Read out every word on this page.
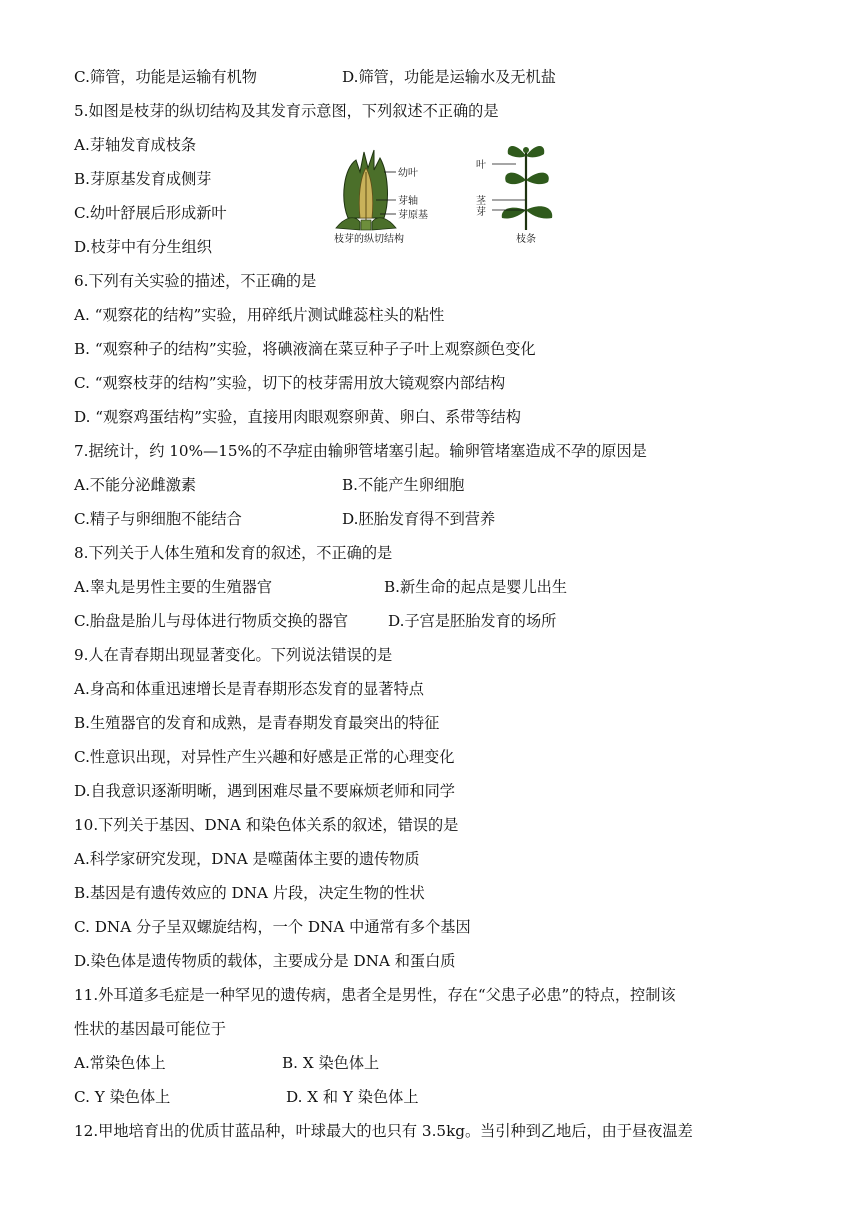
C.筛管，功能是运输有机物	D.筛管，功能是运输水及无机盐
5.如图是枝芽的纵切结构及其发育示意图，下列叙述不正确的是
A.芽轴发育成枝条
B.芽原基发育成侧芽
C.幼叶舒展后形成新叶
D.枝芽中有分生组织
幼叶
芽轴
芽原基
枝芽的纵切结构
叶
茎
芽
枝条
6.下列有关实验的描述，不正确的是
A. “观察花的结构”实验，用碎纸片测试雌蕊柱头的粘性
B. “观察种子的结构”实验，将碘液滴在菜豆种子子叶上观察颜色变化
C. “观察枝芽的结构”实验，切下的枝芽需用放大镜观察内部结构
D. “观察鸡蛋结构”实验，直接用肉眼观察卵黄、卵白、系带等结构
7.据统计，约 10%—15%的不孕症由输卵管堵塞引起。输卵管堵塞造成不孕的原因是
A.不能分泌雌激素	B.不能产生卵细胞
C.精子与卵细胞不能结合	D.胚胎发育得不到营养
8.下列关于人体生殖和发育的叙述，不正确的是
A.睾丸是男性主要的生殖器官	B.新生命的起点是婴儿出生
C.胎盘是胎儿与母体进行物质交换的器官	D.子宫是胚胎发育的场所
9.人在青春期出现显著变化。下列说法错误的是
A.身高和体重迅速增长是青春期形态发育的显著特点
B.生殖器官的发育和成熟，是青春期发育最突出的特征
C.性意识出现，对异性产生兴趣和好感是正常的心理变化
D.自我意识逐渐明晰，遇到困难尽量不要麻烦老师和同学
10.下列关于基因、DNA 和染色体关系的叙述，错误的是
A.科学家研究发现，DNA 是噬菌体主要的遗传物质
B.基因是有遗传效应的 DNA 片段，决定生物的性状
C. DNA 分子呈双螺旋结构，一个 DNA 中通常有多个基因
D.染色体是遗传物质的载体，主要成分是 DNA 和蛋白质
11.外耳道多毛症是一种罕见的遗传病，患者全是男性，存在“父患子必患”的特点，控制该
性状的基因最可能位于
A.常染色体上	B. X 染色体上
C. Y 染色体上	D. X 和 Y 染色体上
12.甲地培育出的优质甘蓝品种，叶球最大的也只有 3.5kg。当引种到乙地后，由于昼夜温差
